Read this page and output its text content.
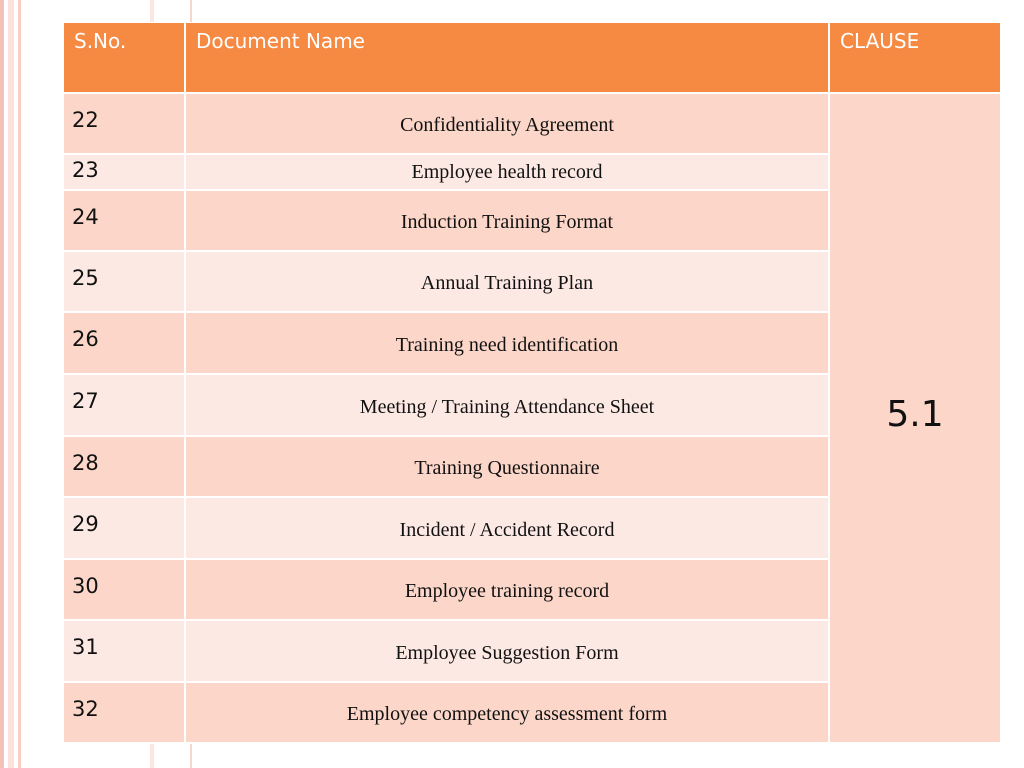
S.No.	Document Name	CLAUSE
22	Confidentiality Agreement
23	Employee health record
24	Induction Training Format
25	Annual Training Plan
26	Training need identification
27	Meeting / Training Attendance Sheet
28	Training Questionnaire
29	Incident / Accident Record
30	Employee training record
31	Employee Suggestion Form
32	Employee competency assessment form
5.1
